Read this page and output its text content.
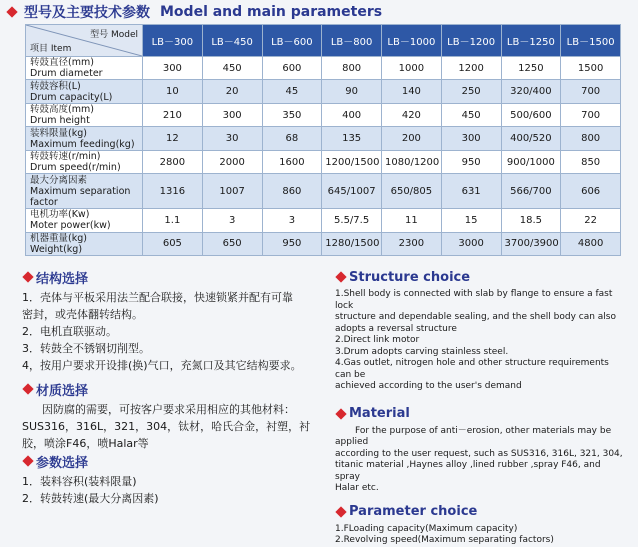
型号及主要技术参数 Model and main parameters
型号 Model
项目 Item	LB－300	LB－450	LB－600	LB－800	LB－1000	LB－1200	LB－1250	LB－1500

转鼓直径(mm)
Drum diameter	300	450	600	800	1000	1200	1250	1500

转鼓容积(L)
Drum capacity(L)	10	20	45	90	140	250	320/400	700

转鼓高度(mm)
Drum height	210	300	350	400	420	450	500/600	700

装料限量(kg)
Maximum feeding(kg)	12	30	68	135	200	300	400/520	800

转鼓转速(r/min)
Drum speed(r/min)	2800	2000	1600	1200/1500	1080/1200	950	900/1000	850

最大分离因素
Maximum separation factor	1316	1007	860	645/1007	650/805	631	566/700	606

电机功率(Kw)
Moter power(kw)	1.1	3	3	5.5/7.5	11	15	18.5	22

机器重量(kg)
Weight(kg)	605	650	950	1280/1500	2300	3000	3700/3900	4800
结构选择

1．壳体与平板采用法兰配合联接，快速锁紧并配有可靠

密封，或壳体翻转结构。

2．电机直联驱动。

3．转鼓全不锈钢切削型。

4，按用户要求开设排(换)气口，充氮口及其它结构要求。

材质选择

因防腐的需要，可按客户要求采用相应的其他材料：

SUS316，316L，321，304，钛材，哈氏合金，衬塑，衬

胶，喷涂F46，喷Halar等

参数选择

1．装料容积(装料限量)

2．转鼓转速(最大分离因素)

Structure choice

1.Shell body is connected with slab by flange to ensure a fast lock

structure and dependable sealing, and the shell body can also

adopts a reversal structure

2.Direct link motor

3.Drum adopts carving stainless steel.

4.Gas outlet, nitrogen hole and other structure requirements can be

achieved according to the user's demand

Material

For the purpose of anti－erosion, other materials may be applied

according to the user request, such as SUS316, 316L, 321, 304,

titanic material ,Haynes alloy ,lined rubber ,spray F46, and spray

Halar etc.

Parameter choice

1.FLoading capacity(Maximum capacity)

2.Revolving speed(Maximum separating factors)
